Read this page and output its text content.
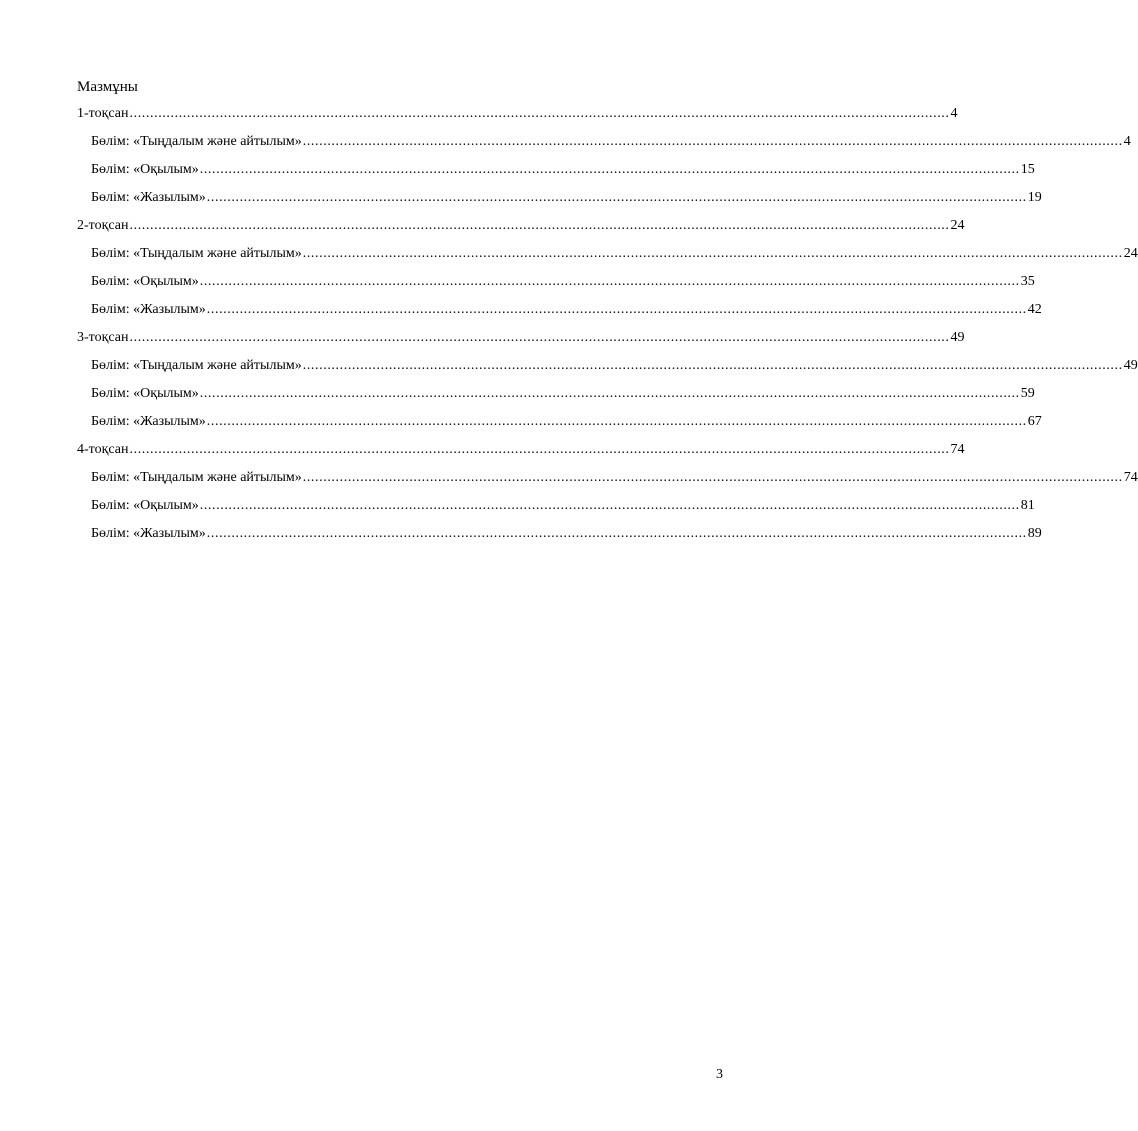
Мазмұны
1-тоқсан ........................................................................................................................................................................................................ 4
Бөлім: «Тыңдалым және айтылым» ........................................................................................................................................................................................................ 4
Бөлім: «Оқылым» ........................................................................................................................................................................................................ 15
Бөлім: «Жазылым» ........................................................................................................................................................................................................ 19
2-тоқсан ........................................................................................................................................................................................................ 24
Бөлім: «Тыңдалым және айтылым» ........................................................................................................................................................................................................ 24
Бөлім: «Оқылым» ........................................................................................................................................................................................................ 35
Бөлім: «Жазылым» ........................................................................................................................................................................................................ 42
3-тоқсан ........................................................................................................................................................................................................ 49
Бөлім: «Тыңдалым және айтылым» ........................................................................................................................................................................................................ 49
Бөлім: «Оқылым» ........................................................................................................................................................................................................ 59
Бөлім: «Жазылым» ........................................................................................................................................................................................................ 67
4-тоқсан ........................................................................................................................................................................................................ 74
Бөлім: «Тыңдалым және айтылым» ........................................................................................................................................................................................................ 74
Бөлім: «Оқылым» ........................................................................................................................................................................................................ 81
Бөлім: «Жазылым» ........................................................................................................................................................................................................ 89
3
